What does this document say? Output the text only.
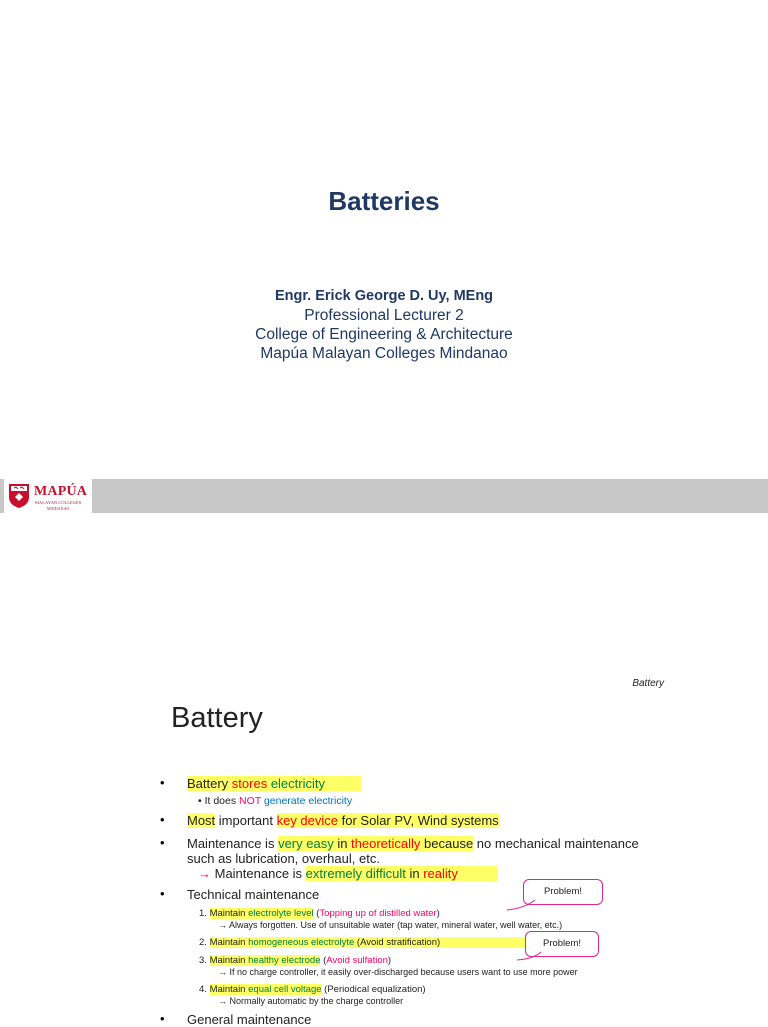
Batteries
Engr. Erick George D. Uy, MEng
Professional Lecturer 2
College of Engineering & Architecture
Mapúa Malayan Colleges Mindanao
MAPÚA
MALAYAN COLLEGES
MINDANAO
Battery
Battery
• Battery stores electricity
• It does NOT generate electricity
• Most important key device for Solar PV, Wind systems
• Maintenance is very easy in theoretically because no mechanical maintenance
such as lubrication, overhaul, etc.
→ Maintenance is extremely difficult in reality
• Technical maintenance
1. Maintain electrolyte level (Topping up of distilled water)
→ Always forgotten. Use of unsuitable water (tap water, mineral water, well water, etc.)
2. Maintain homogeneous electrolyte (Avoid stratification)
3. Maintain healthy electrode (Avoid sulfation)
→ If no charge controller, it easily over-discharged because users want to use more power
4. Maintain equal cell voltage (Periodical equalization)
→ Normally automatic by the charge controller
• General maintenance
Problem!
Problem!
